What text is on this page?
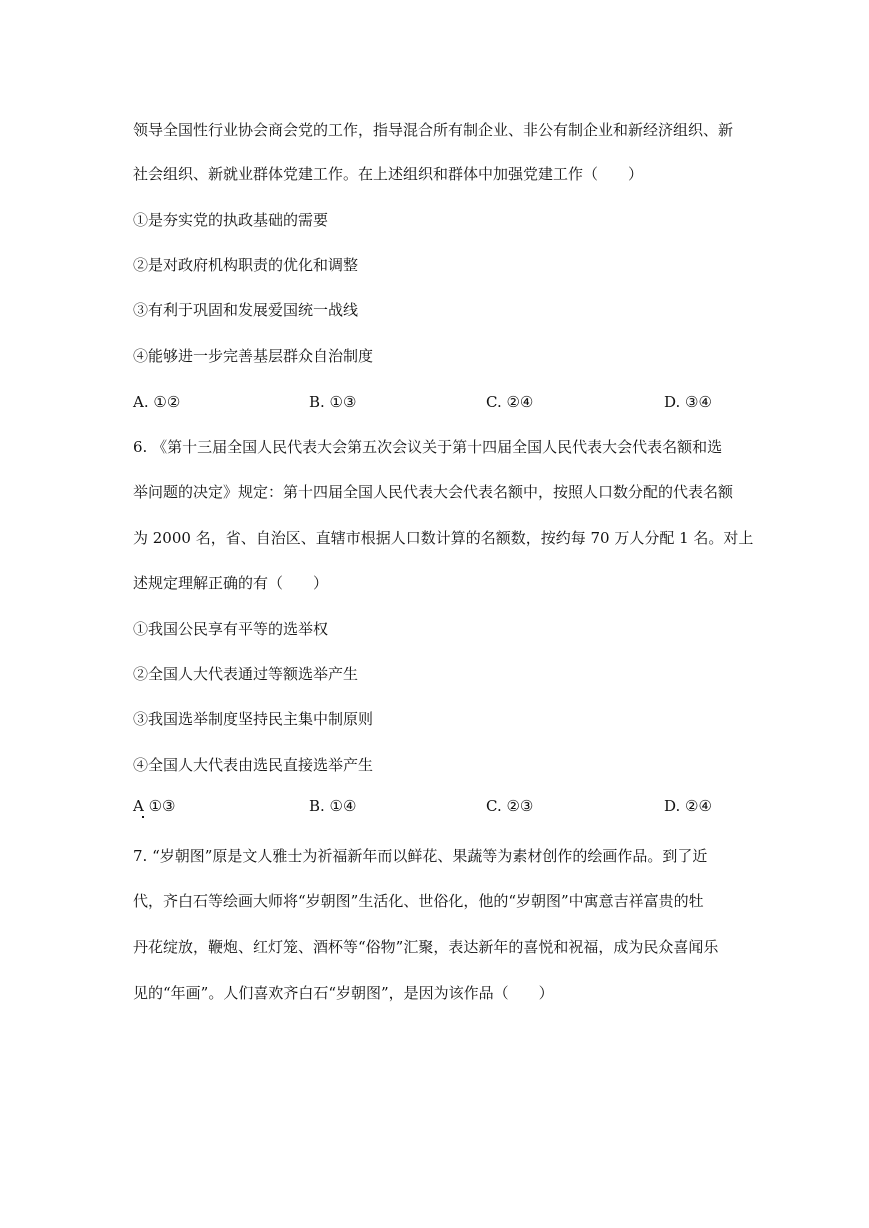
领导全国性行业协会商会党的工作，指导混合所有制企业、非公有制企业和新经济组织、新
社会组织、新就业群体党建工作。在上述组织和群体中加强党建工作（　　）
①是夯实党的执政基础的需要
②是对政府机构职责的优化和调整
③有利于巩固和发展爱国统一战线
④能够进一步完善基层群众自治制度
A. ①②	B. ①③	C. ②④	D. ③④
6. 《第十三届全国人民代表大会第五次会议关于第十四届全国人民代表大会代表名额和选
举问题的决定》规定：第十四届全国人民代表大会代表名额中，按照人口数分配的代表名额
为 2000 名，省、自治区、直辖市根据人口数计算的名额数，按约每 70 万人分配 1 名。对上
述规定理解正确的有（　　）
①我国公民享有平等的选举权
②全国人大代表通过等额选举产生
③我国选举制度坚持民主集中制原则
④全国人大代表由选民直接选举产生
A ①③	B. ①④	C. ②③	D. ②④
7. “岁朝图”原是文人雅士为祈福新年而以鲜花、果蔬等为素材创作的绘画作品。到了近
代，齐白石等绘画大师将“岁朝图”生活化、世俗化，他的“岁朝图”中寓意吉祥富贵的牡
丹花绽放，鞭炮、红灯笼、酒杯等“俗物”汇聚，表达新年的喜悦和祝福，成为民众喜闻乐
见的“年画”。人们喜欢齐白石“岁朝图”，是因为该作品（　　）
